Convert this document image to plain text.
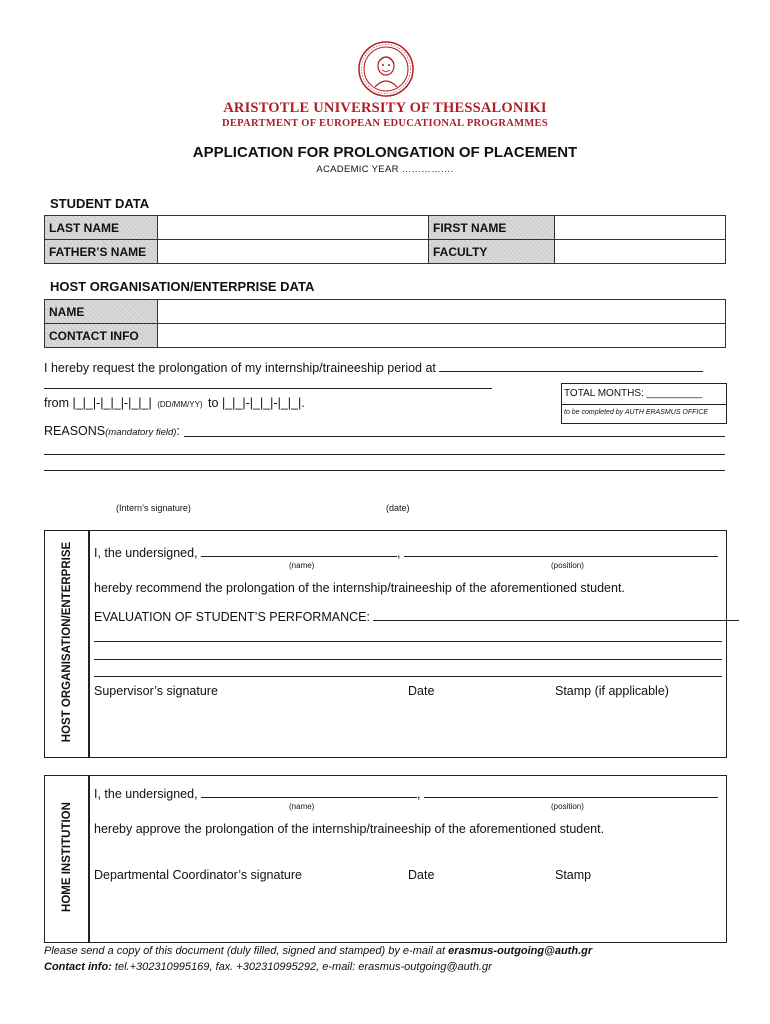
ARISTOTLE UNIVERSITY OF THESSALONIKI
DEPARTMENT OF EUROPEAN EDUCATIONAL PROGRAMMES
APPLICATION FOR PROLONGATION OF PLACEMENT
ACADEMIC YEAR …………….
STUDENT DATA
LAST NAME		FIRST NAME	
FATHER’S NAME		FACULTY	
HOST ORGANISATION/ENTERPRISE DATA
NAME	
CONTACT INFO	
I hereby request the prolongation of my internship/traineeship period at
from |_|_|-|_|_|-|_|_| (DD/MM/YY) to |_|_|-|_|_|-|_|_|.
TOTAL MONTHS: __________
to be completed by AUTH ERASMUS OFFICE
REASONS(mandatory field):
(Intern’s signature)	(date)
HOST ORGANISATION/ENTERPRISE I, the undersigned,	,
(name)	(position)
hereby recommend the prolongation of the internship/traineeship of the aforementioned student.
EVALUATION OF STUDENT’S PERFORMANCE:
Supervisor’s signature	Date	Stamp (if applicable)
HOME INSTITUTION
I, the undersigned,	,
(name)	(position)
hereby approve the prolongation of the internship/traineeship of the aforementioned student.
Departmental Coordinator’s signature	Date	Stamp
Please send a copy of this document (duly filled, signed and stamped) by e-mail at erasmus-outgoing@auth.gr
Contact info: tel.+302310995169, fax. +302310995292, e-mail: erasmus-outgoing@auth.gr
